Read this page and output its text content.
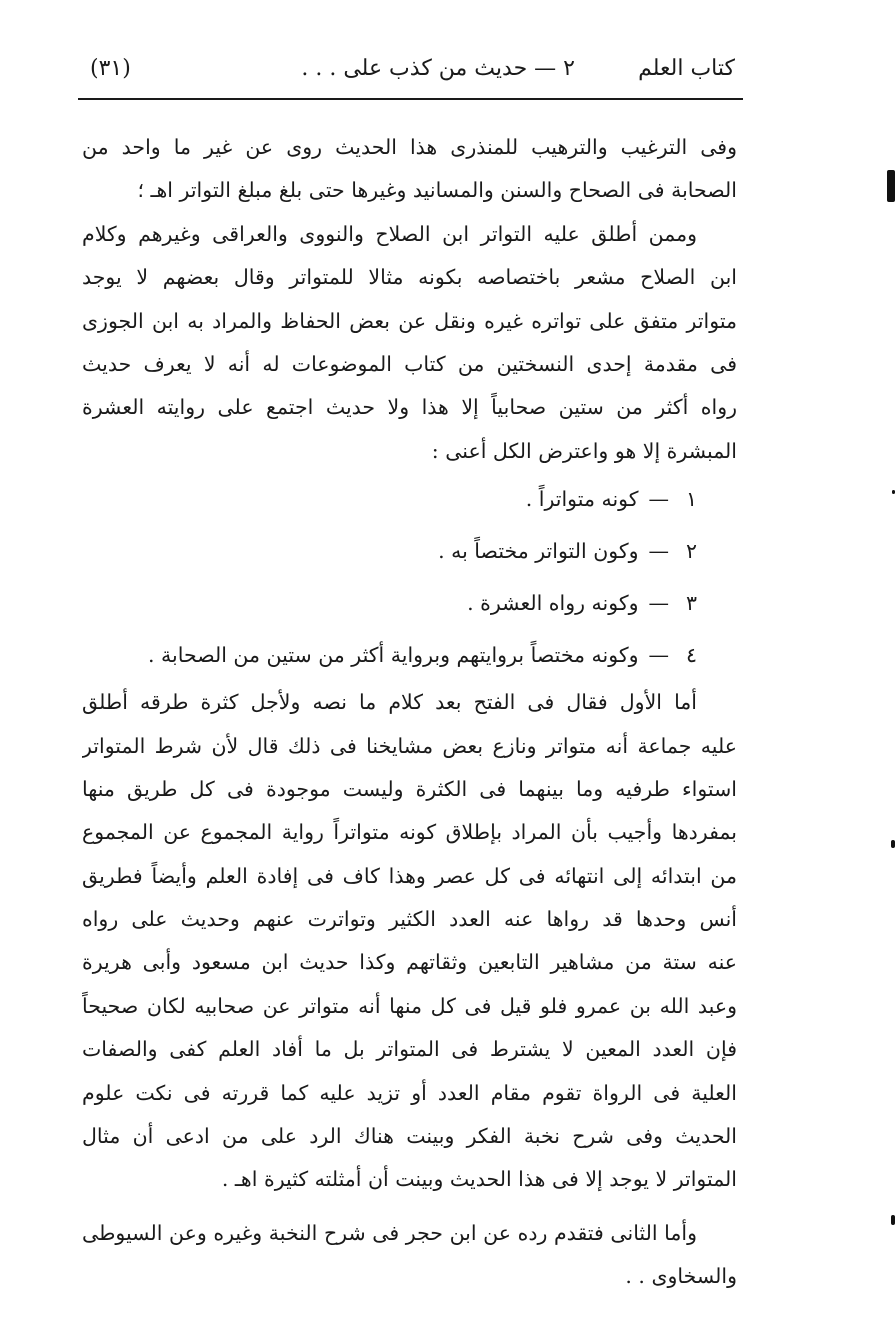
كتاب العلم
٢ — حديث من كذب على . . .
(٣١)
وفى الترغيب والترهيب للمنذرى هذا الحديث روى عن غير ما واحد من
الصحابة فى الصحاح والسنن والمسانيد وغيرها حتى بلغ مبلغ التواتر اهـ ؛
وممن أطلق عليه التواتر ابن الصلاح والنووى والعراقى وغيرهم وكلام
ابن الصلاح مشعر باختصاصه بكونه مثالا للمتواتر وقال بعضهم لا يوجد
متواتر متفق على تواتره غيره ونقل عن بعض الحفاظ والمراد به ابن الجوزى
فى مقدمة إحدى النسختين من كتاب الموضوعات له أنه لا يعرف حديث
رواه أكثر من ستين صحابياً إلا هذا ولا حديث اجتمع على روايته العشرة
المبشرة إلا هو واعترض الكل أعنى :
١—كونه متواتراً .
٢—وكون التواتر مختصاً به .
٣—وكونه رواه العشرة .
٤—وكونه مختصاً بروايتهم وبرواية أكثر من ستين من الصحابة .
أما الأول فقال فى الفتح بعد كلام ما نصه ولأجل كثرة طرقه أطلق
عليه جماعة أنه متواتر ونازع بعض مشايخنا فى ذلك قال لأن شرط المتواتر
استواء طرفيه وما بينهما فى الكثرة وليست موجودة فى كل طريق منها
بمفردها وأجيب بأن المراد بإطلاق كونه متواتراً رواية المجموع عن المجموع
من ابتدائه إلى انتهائه فى كل عصر وهذا كاف فى إفادة العلم وأيضاً فطريق
أنس وحدها قد رواها عنه العدد الكثير وتواترت عنهم وحديث على رواه
عنه ستة من مشاهير التابعين وثقاتهم وكذا حديث ابن مسعود وأبى هريرة
وعبد الله بن عمرو فلو قيل فى كل منها أنه متواتر عن صحابيه لكان صحيحاً
فإن العدد المعين لا يشترط فى المتواتر بل ما أفاد العلم كفى والصفات
العلية فى الرواة تقوم مقام العدد أو تزيد عليه كما قررته فى نكت علوم
الحديث وفى شرح نخبة الفكر وبينت هناك الرد على من ادعى أن مثال
المتواتر لا يوجد إلا فى هذا الحديث وبينت أن أمثلته كثيرة اهـ .
وأما الثانى فتقدم رده عن ابن حجر فى شرح النخبة وغيره وعن السيوطى
والسخاوى . .
